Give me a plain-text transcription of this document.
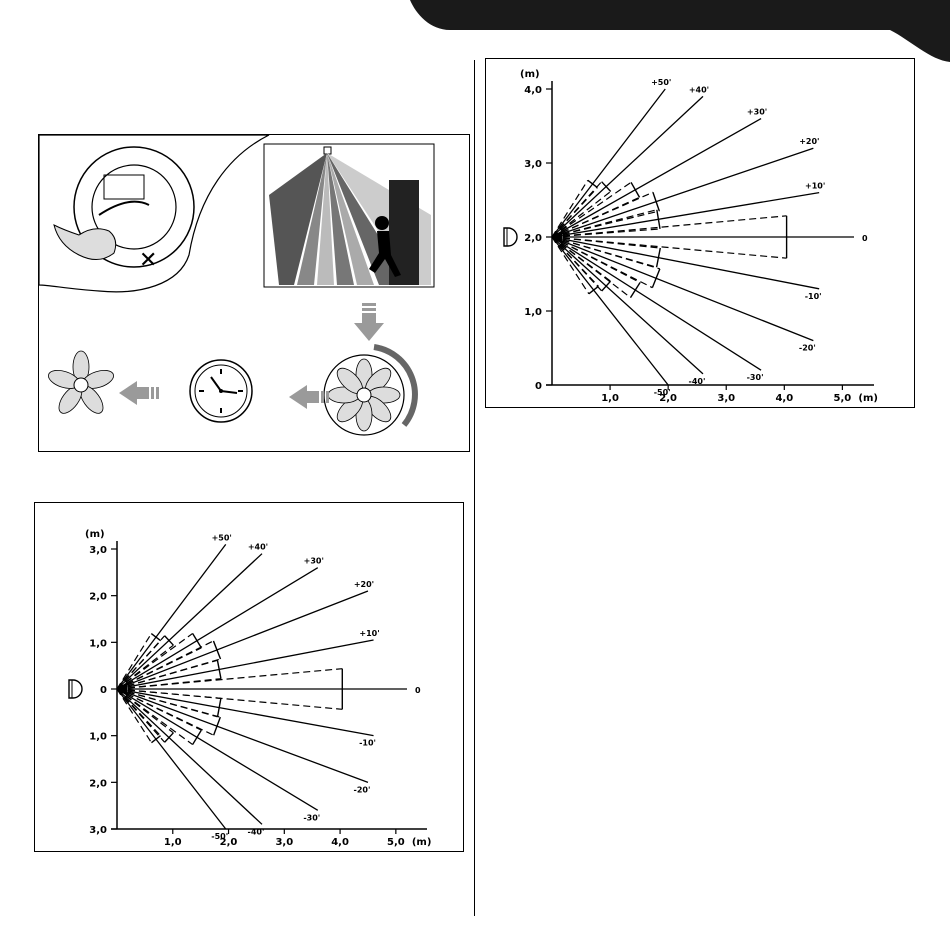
✕
(m)
4,0
3,0
2,0
1,0
0
1,0	2,0	3,0	4,0	5,0 (m)
+50'
+40'
+30'
+20'
+10'
0
-10'
-20'
-30'
-40'
-50'
(m)
3,0
2,0
1,0
0
1,0
2,0
3,0
1,0	2,0	3,0	4,0	5,0 (m)
+50'
+40'
+30'
+20'
+10'
0
-10'
-20'
-30'
-40'
-50'
